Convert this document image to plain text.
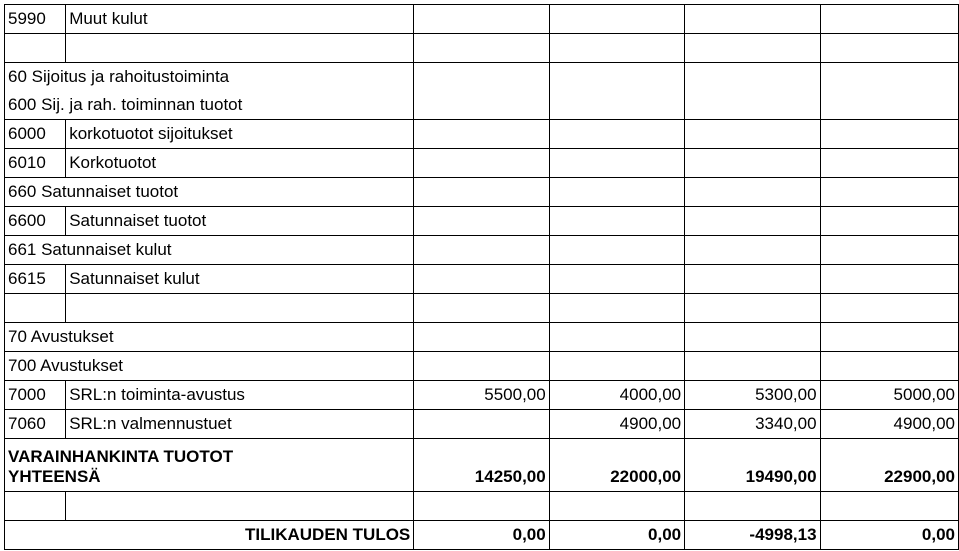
5990	Muut kulut				

60 Sijoitus ja rahoitustoiminta					
600 Sij. ja rah. toiminnan tuotot					
6000	korkotuotot sijoitukset				
6010	Korkotuotot				
660 Satunnaiset tuotot					
6600	Satunnaiset tuotot				
661 Satunnaiset kulut					
6615	Satunnaiset kulut				

70 Avustukset					
700 Avustukset					
7000	SRL:n toiminta-avustus	5500,00	4000,00	5300,00	5000,00
7060	SRL:n valmennustuet		4900,00	3340,00	4900,00

VARAINHANKINTA TUOTOT
YHTEENSÄ		14250,00	22000,00	19490,00	22900,00

TILIKAUDEN TULOS		0,00	0,00	-4998,13	0,00
